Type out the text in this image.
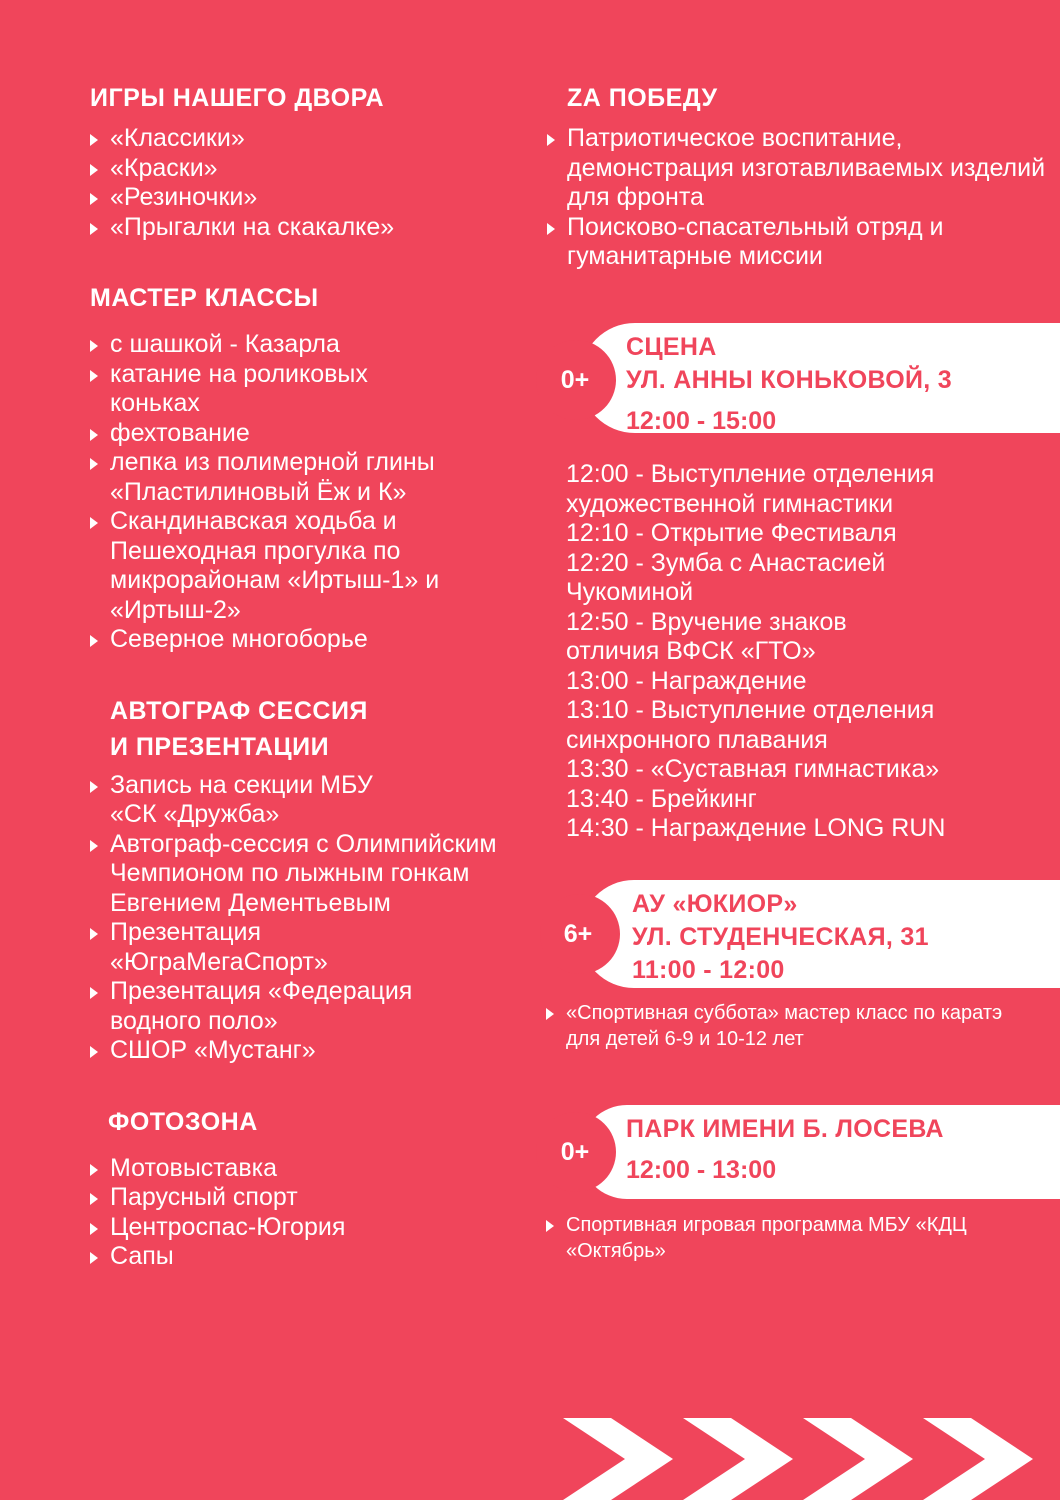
ИГРЫ НАШЕГО ДВОРА
«Классики»
«Краски»
«Резиночки»
«Прыгалки на скакалке»
МАСТЕР КЛАССЫ
с шашкой - Казарла
катание на роликовых коньках
фехтование
лепка из полимерной глины «Пластилиновый Ёж и К»
Скандинавская ходьба и Пешеходная прогулка по микрорайонам «Иртыш-1» и «Иртыш-2»
Северное многоборье
АВТОГРАФ СЕССИЯ
И ПРЕЗЕНТАЦИИ
Запись на секции МБУ «СК «Дружба»
Автограф-сессия с Олимпийским Чемпионом по лыжным гонкам Евгением Дементьевым
Презентация «ЮграМегаСпорт»
Презентация «Федерация водного поло»
СШОР «Мустанг»
ФОТОЗОНА
Мотовыставка
Парусный спорт
Центроспас-Югория
Сапы
ZА ПОБЕДУ
Патриотическое воспитание, демонстрация изготавливаемых изделий для фронта
Поисково-спасательный отряд и гуманитарные миссии
СЦЕНА
УЛ. АННЫ КОНЬКОВОЙ, 3
12:00 - 15:00
0+
12:00 - Выступление отделения
художественной гимнастики
12:10 - Открытие Фестиваля
12:20 - Зумба с Анастасией
Чукоминой
12:50 - Вручение знаков
отличия ВФСК «ГТО»
13:00 - Награждение
13:10 - Выступление отделения
синхронного плавания
13:30 - «Суставная гимнастика»
13:40 - Брейкинг
14:30 - Награждение LONG RUN
АУ «ЮКИОР»
УЛ. СТУДЕНЧЕСКАЯ, 31
11:00 - 12:00
6+
«Спортивная суббота» мастер класс по каратэ для детей 6-9 и 10-12 лет
ПАРК ИМЕНИ Б. ЛОСЕВА
12:00 - 13:00
0+
Спортивная игровая программа МБУ «КДЦ «Октябрь»
